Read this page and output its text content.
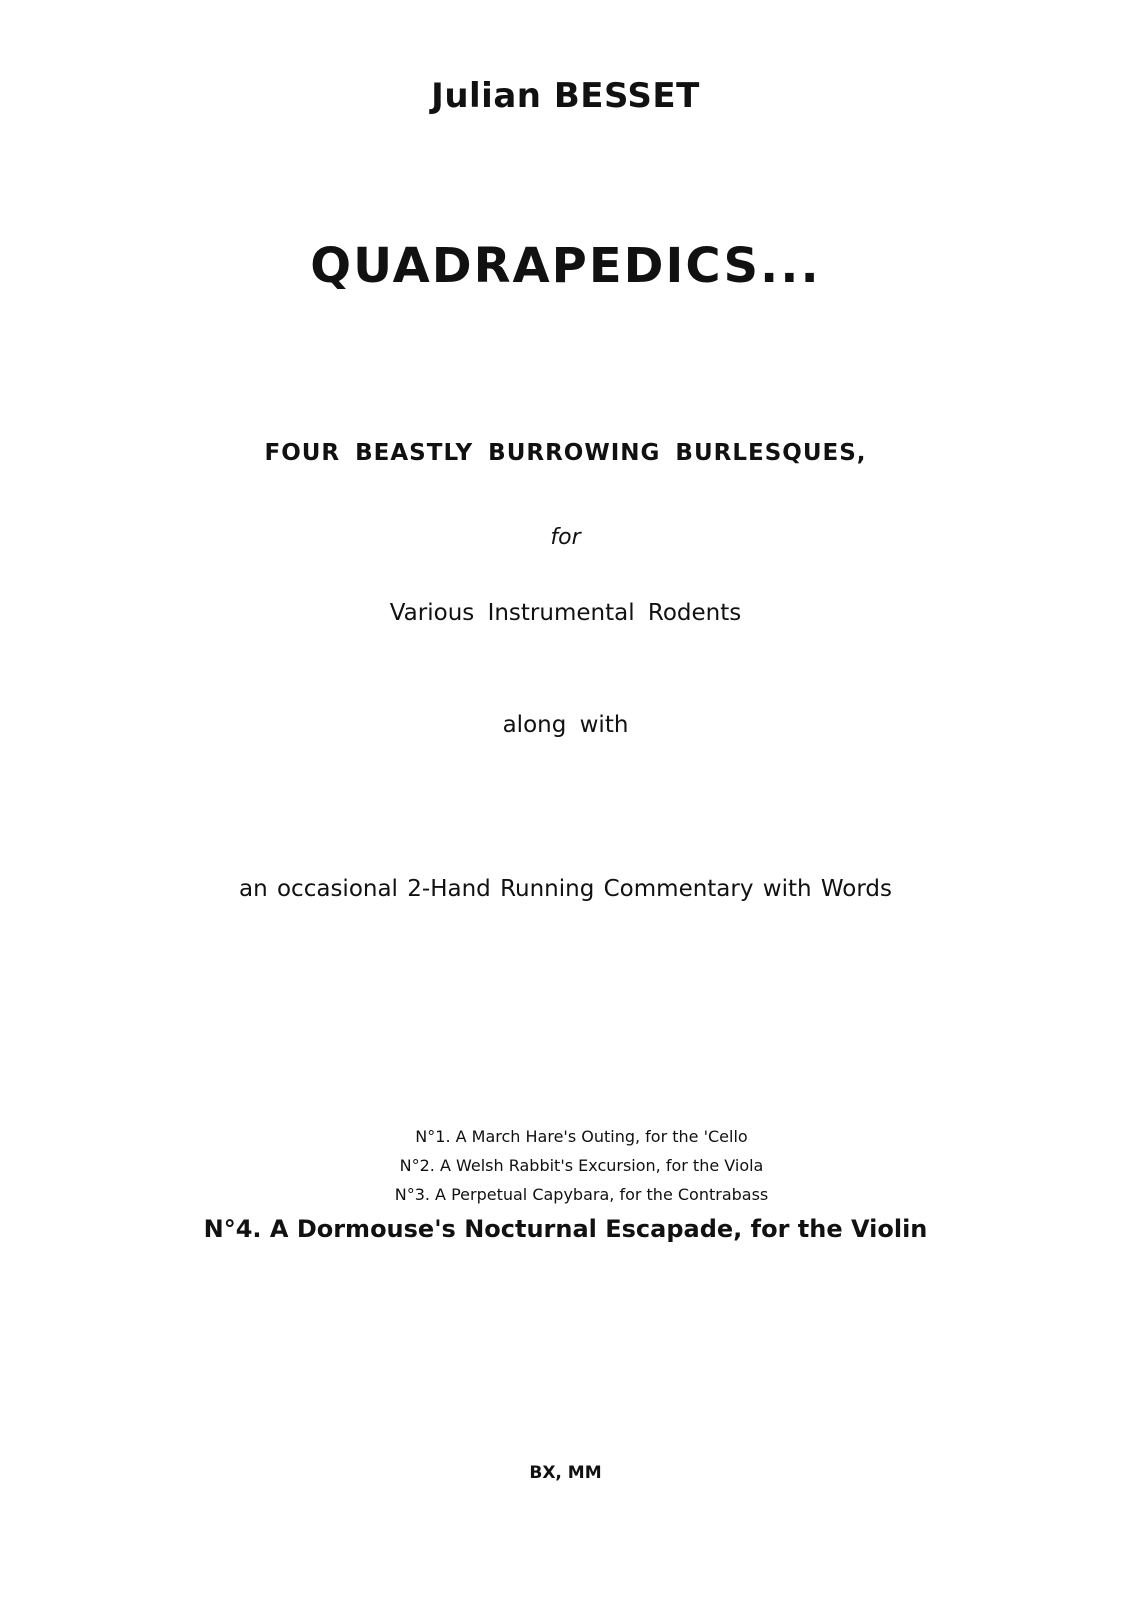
Julian BESSET
QUADRAPEDICS...
FOUR BEASTLY BURROWING BURLESQUES,
for
Various Instrumental Rodents
along with
an occasional 2-Hand Running Commentary with Words
N°1. A March Hare's Outing, for the 'Cello
N°2. A Welsh Rabbit's Excursion, for the Viola
N°3. A Perpetual Capybara, for the Contrabass
N°4. A Dormouse's Nocturnal Escapade, for the Violin
BX, MM
